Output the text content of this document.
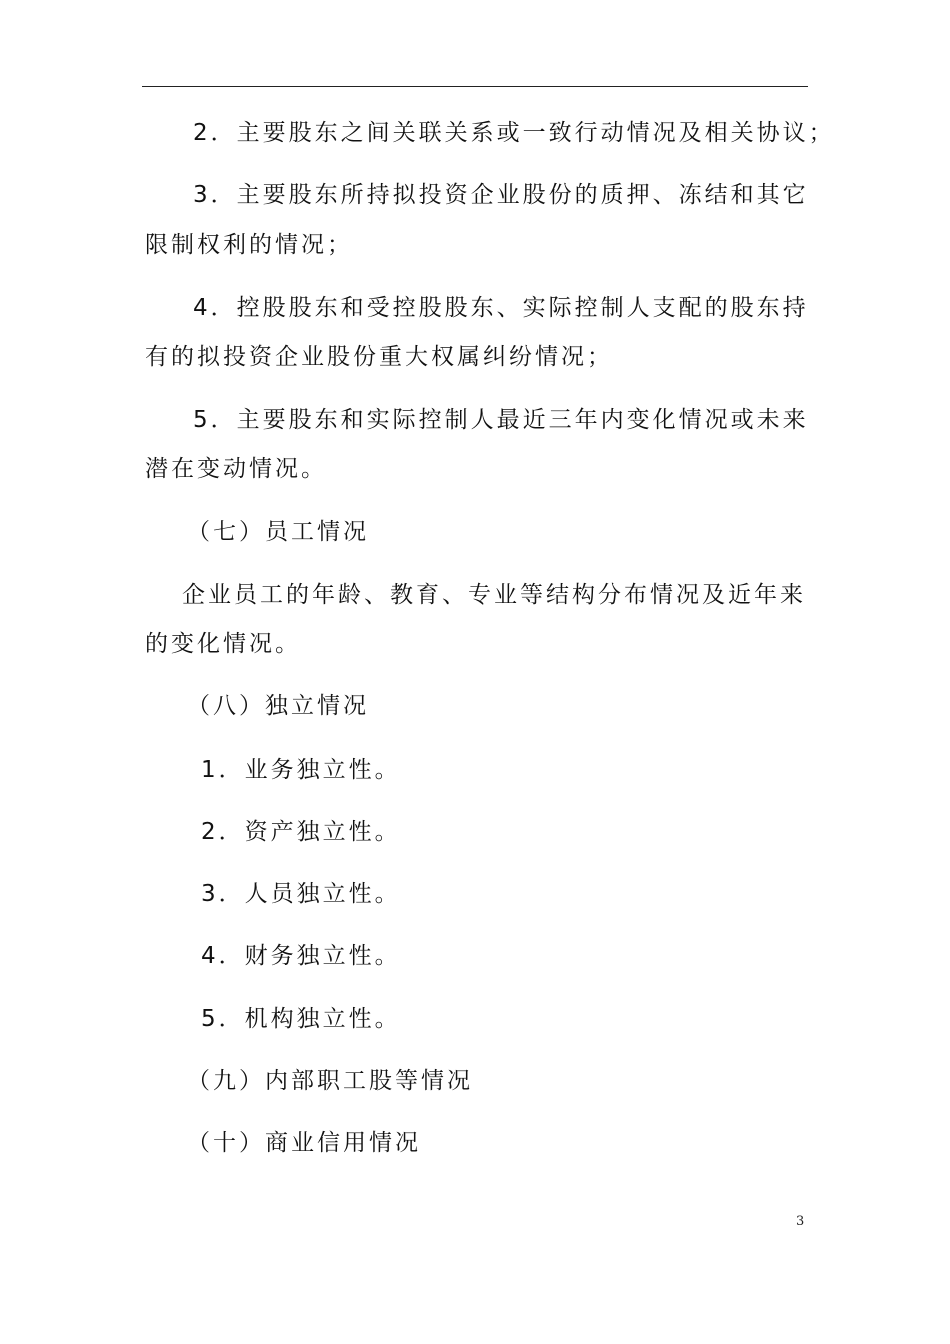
2．主要股东之间关联关系或一致行动情况及相关协议；
3．主要股东所持拟投资企业股份的质押、冻结和其它
限制权利的情况；
4．控股股东和受控股股东、实际控制人支配的股东持
有的拟投资企业股份重大权属纠纷情况；
5．主要股东和实际控制人最近三年内变化情况或未来
潜在变动情况。
（七）员工情况
企业员工的年龄、教育、专业等结构分布情况及近年来
的变化情况。
（八）独立情况
1．业务独立性。
2．资产独立性。
3．人员独立性。
4．财务独立性。
5．机构独立性。
（九）内部职工股等情况
（十）商业信用情况
3
